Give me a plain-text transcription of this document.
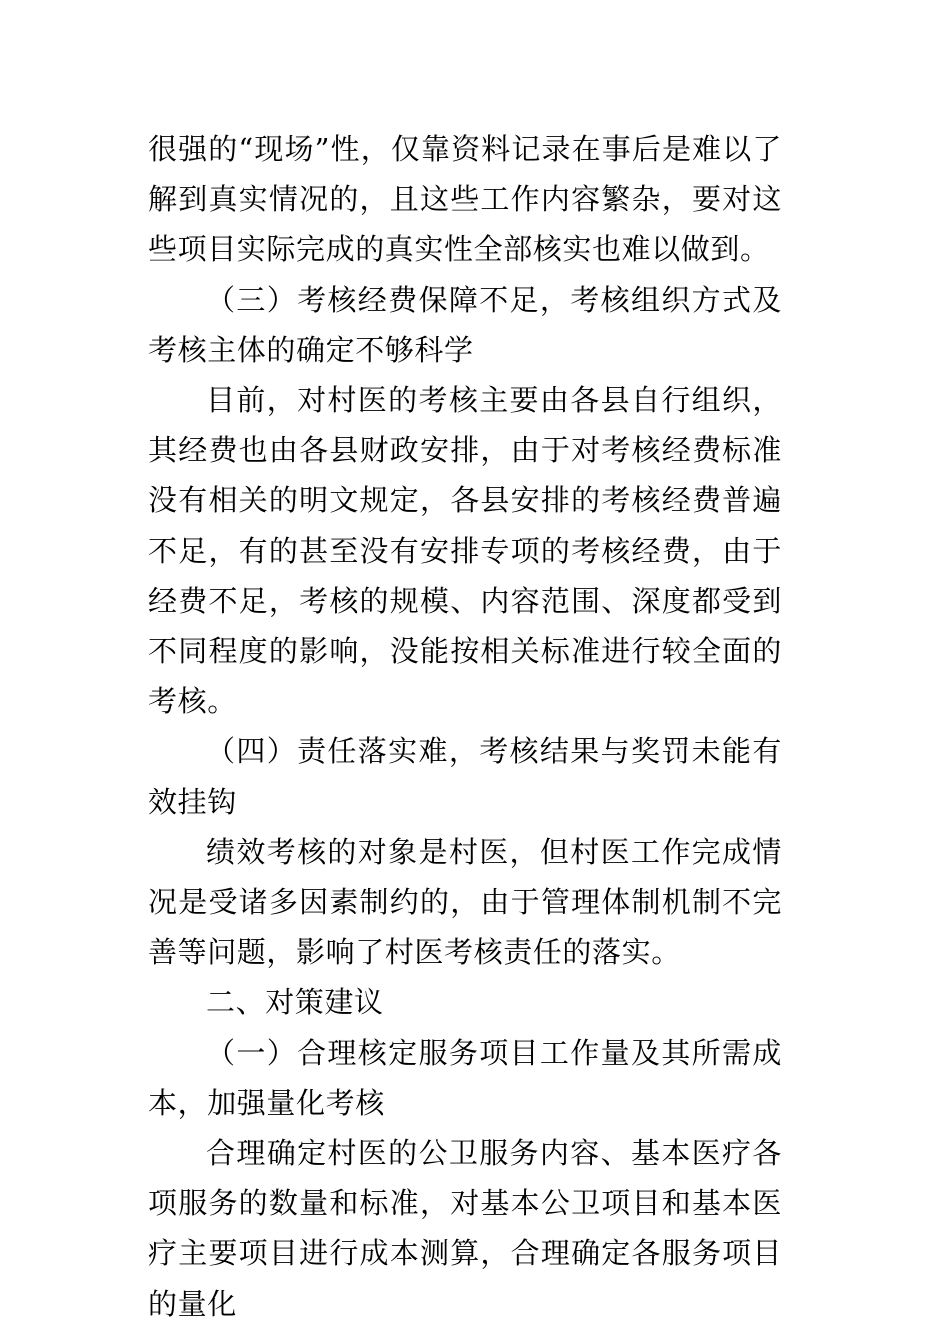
很强的“现场”性，仅靠资料记录在事后是难以了解到真实情况的，且这些工作内容繁杂，要对这些项目实际完成的真实性全部核实也难以做到。

（三）考核经费保障不足，考核组织方式及考核主体的确定不够科学

目前，对村医的考核主要由各县自行组织，其经费也由各县财政安排，由于对考核经费标准没有相关的明文规定，各县安排的考核经费普遍不足，有的甚至没有安排专项的考核经费，由于经费不足，考核的规模、内容范围、深度都受到不同程度的影响，没能按相关标准进行较全面的考核。

（四）责任落实难，考核结果与奖罚未能有效挂钩

绩效考核的对象是村医，但村医工作完成情况是受诸多因素制约的，由于管理体制机制不完善等问题，影响了村医考核责任的落实。

二、对策建议

（一）合理核定服务项目工作量及其所需成本，加强量化考核

合理确定村医的公卫服务内容、基本医疗各项服务的数量和标准，对基本公卫项目和基本医疗主要项目进行成本测算，合理确定各服务项目的量化
